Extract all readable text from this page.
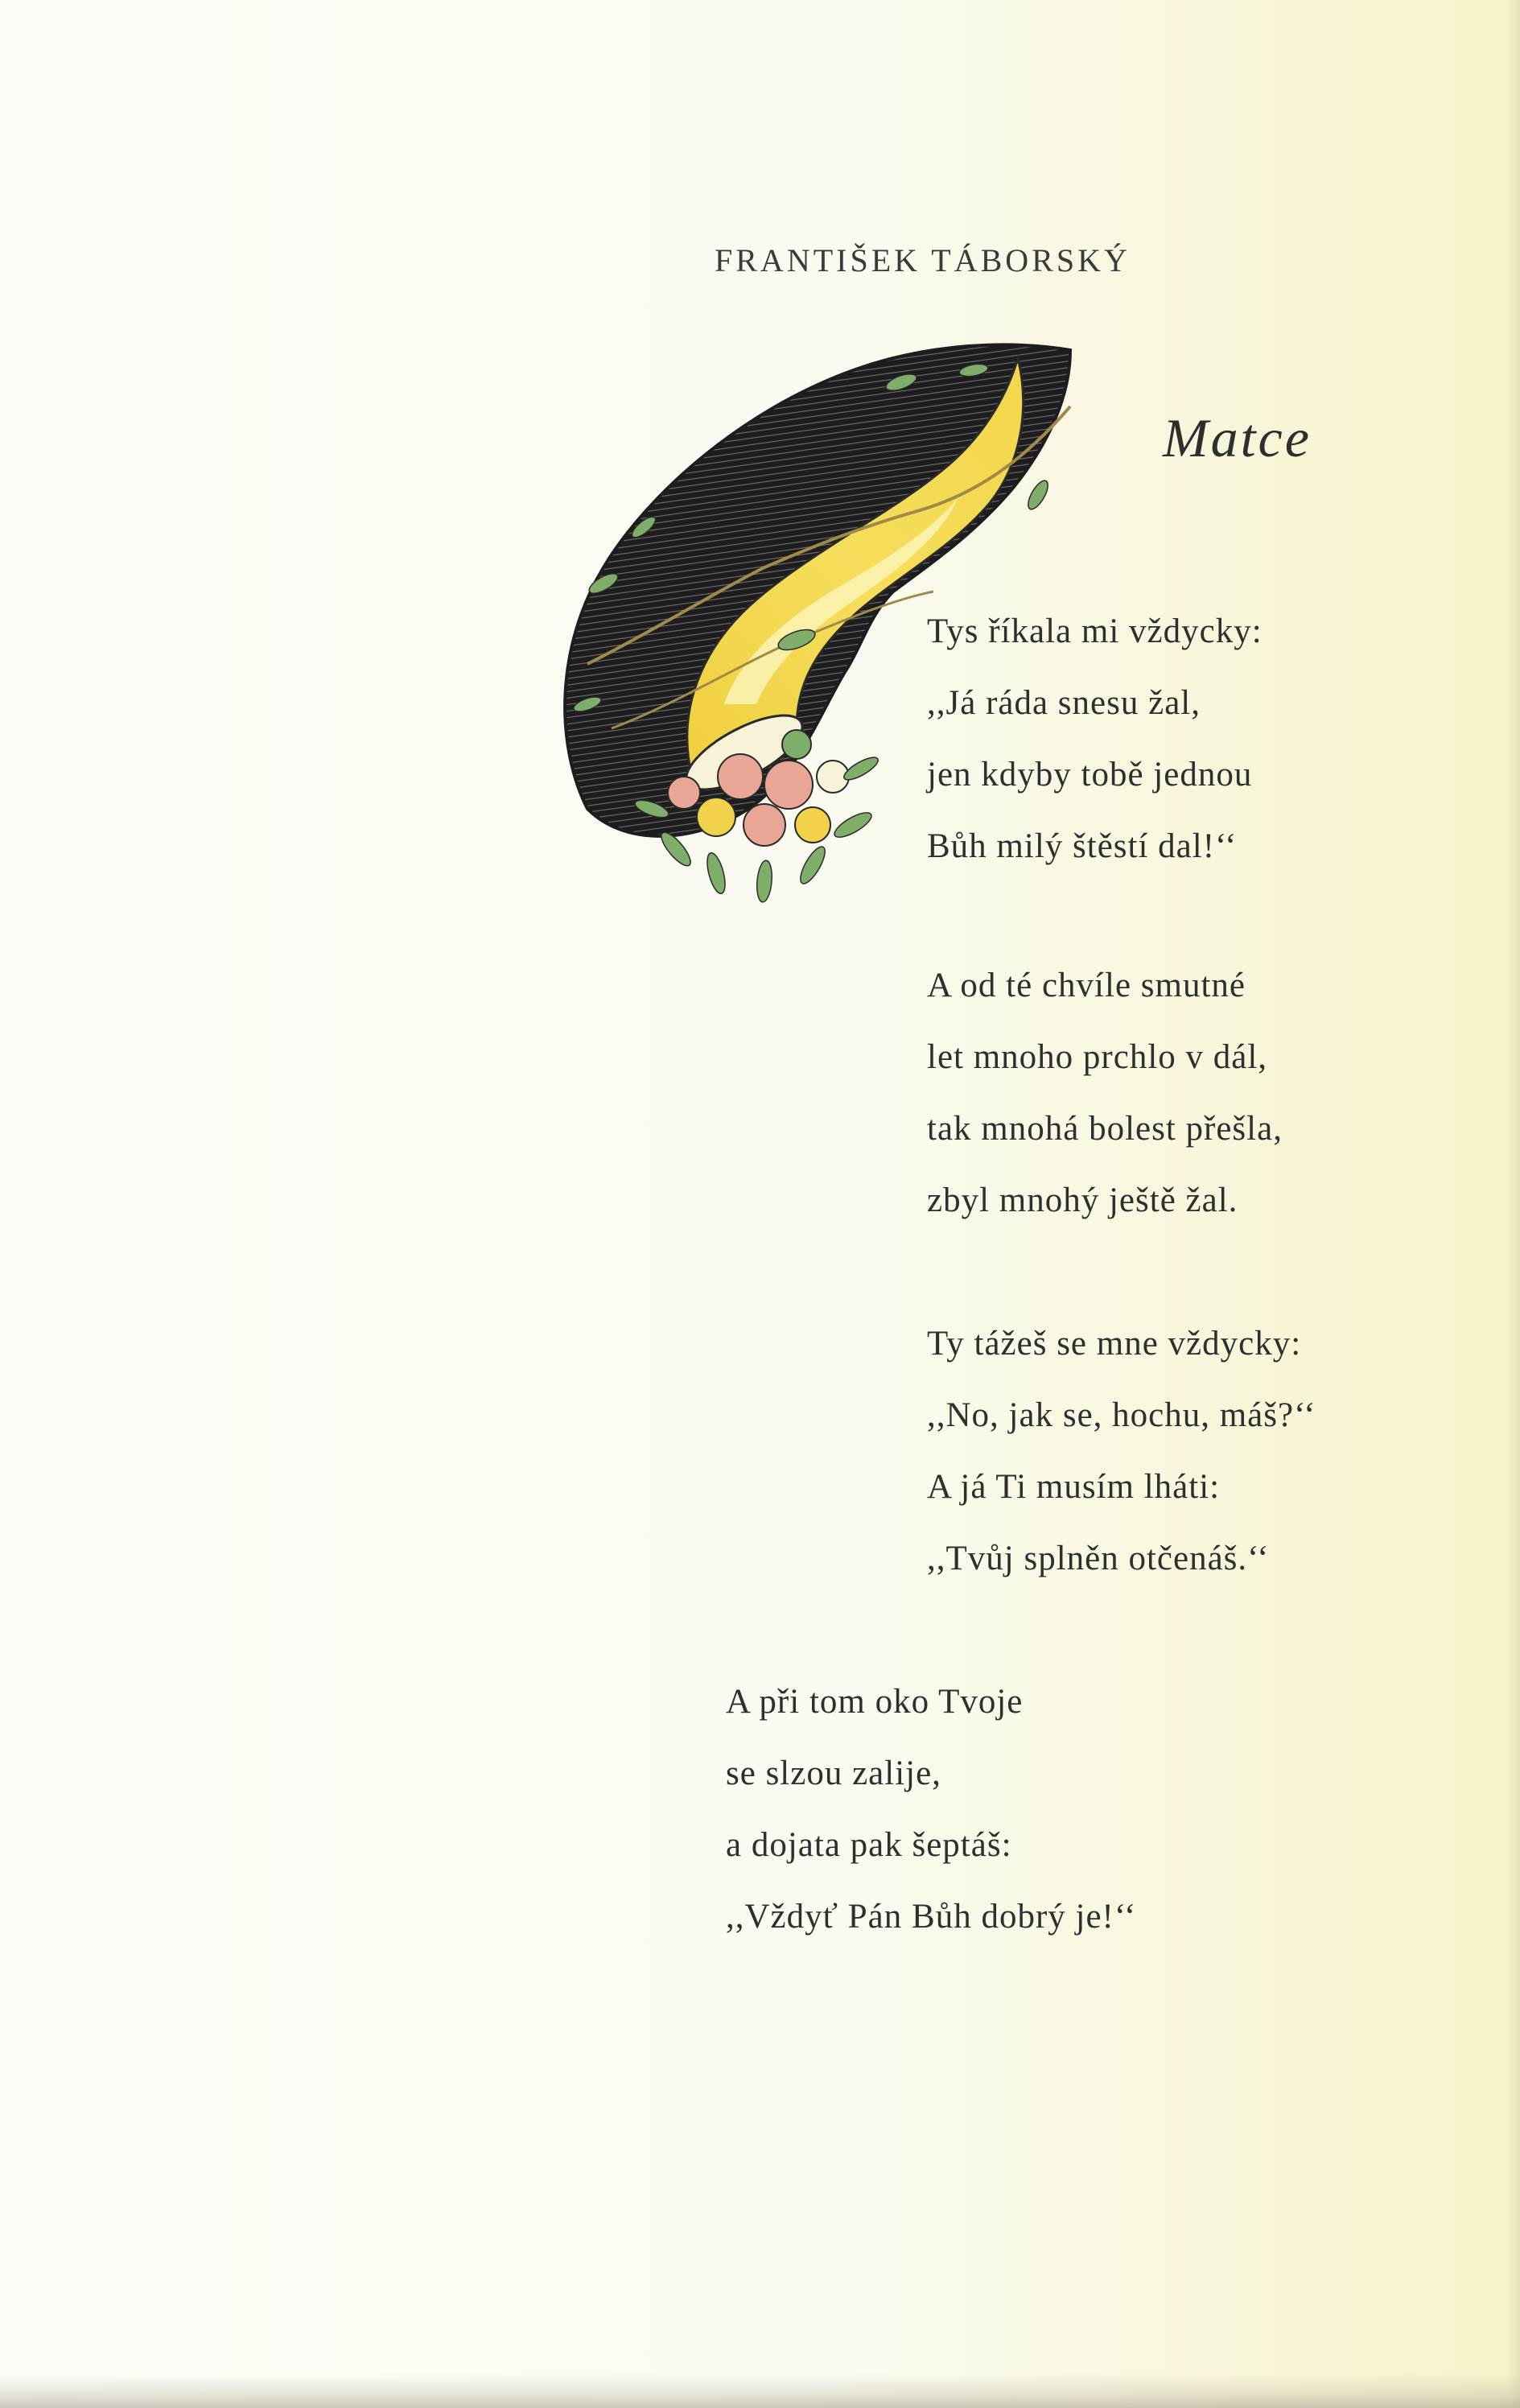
FRANTIŠEK TÁBORSKÝ
Matce
Tys říkala mi vždycky:
,,Já ráda snesu žal,
jen kdyby tobě jednou
Bůh milý štěstí dal!‘‘
A od té chvíle smutné
let mnoho prchlo v dál,
tak mnohá bolest přešla,
zbyl mnohý ještě žal.
Ty tážeš se mne vždycky:
,,No, jak se, hochu, máš?‘‘
A já Ti musím lháti:
,,Tvůj splněn otčenáš.‘‘
A při tom oko Tvoje
se slzou zalije,
a dojata pak šeptáš:
,,Vždyť Pán Bůh dobrý je!‘‘
